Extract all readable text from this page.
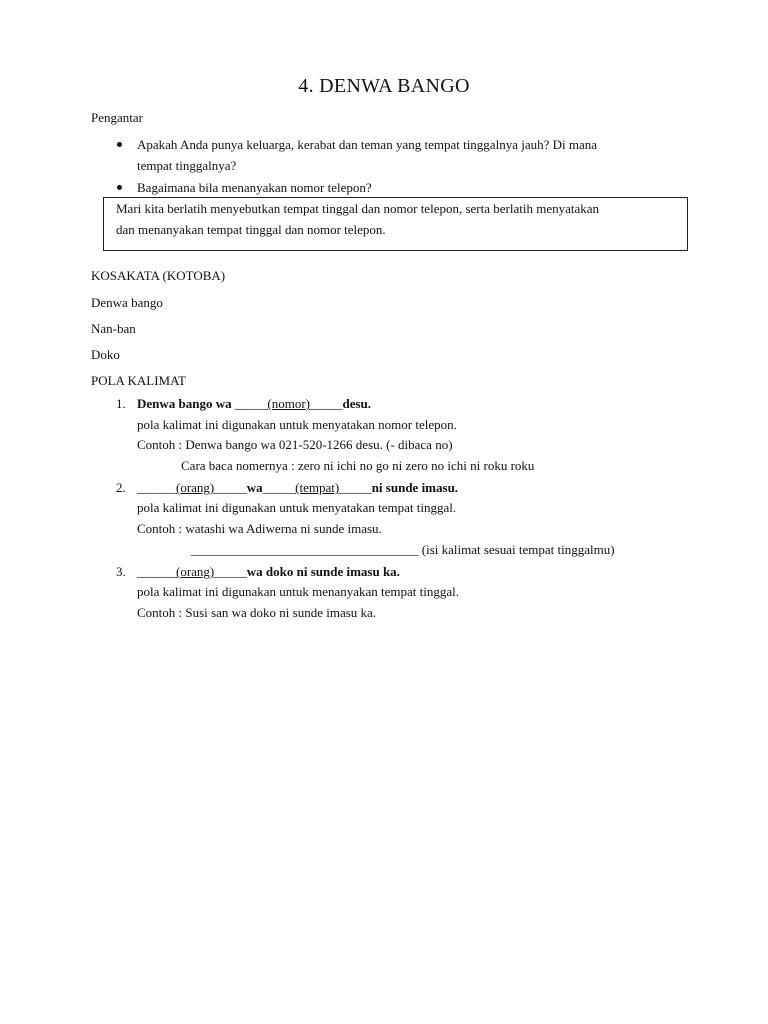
4. DENWA BANGO
Pengantar
Apakah Anda punya keluarga, kerabat dan teman yang tempat tinggalnya jauh? Di mana
tempat tinggalnya?
Bagaimana bila menanyakan nomor telepon?
Mari kita berlatih menyebutkan tempat tinggal dan nomor telepon, serta berlatih menyatakan
dan menanyakan tempat tinggal dan nomor telepon.
KOSAKATA (KOTOBA)
Denwa bango
Nan-ban
Doko
POLA KALIMAT
1. Denwa bango wa _____(nomor)_____desu.
pola kalimat ini digunakan untuk menyatakan nomor telepon.
Contoh : Denwa bango wa 021-520-1266 desu. (- dibaca no)
Cara baca nomernya : zero ni ichi no go ni zero no ichi ni roku roku
2. ______(orang)_____wa_____(tempat)_____ni sunde imasu.
pola kalimat ini digunakan untuk menyatakan tempat tinggal.
Contoh : watashi wa Adiwerna ni sunde imasu.
___________________________________ (isi kalimat sesuai tempat tinggalmu)
3. ______(orang)_____wa doko ni sunde imasu ka.
pola kalimat ini digunakan untuk menanyakan tempat tinggal.
Contoh : Susi san wa doko ni sunde imasu ka.
